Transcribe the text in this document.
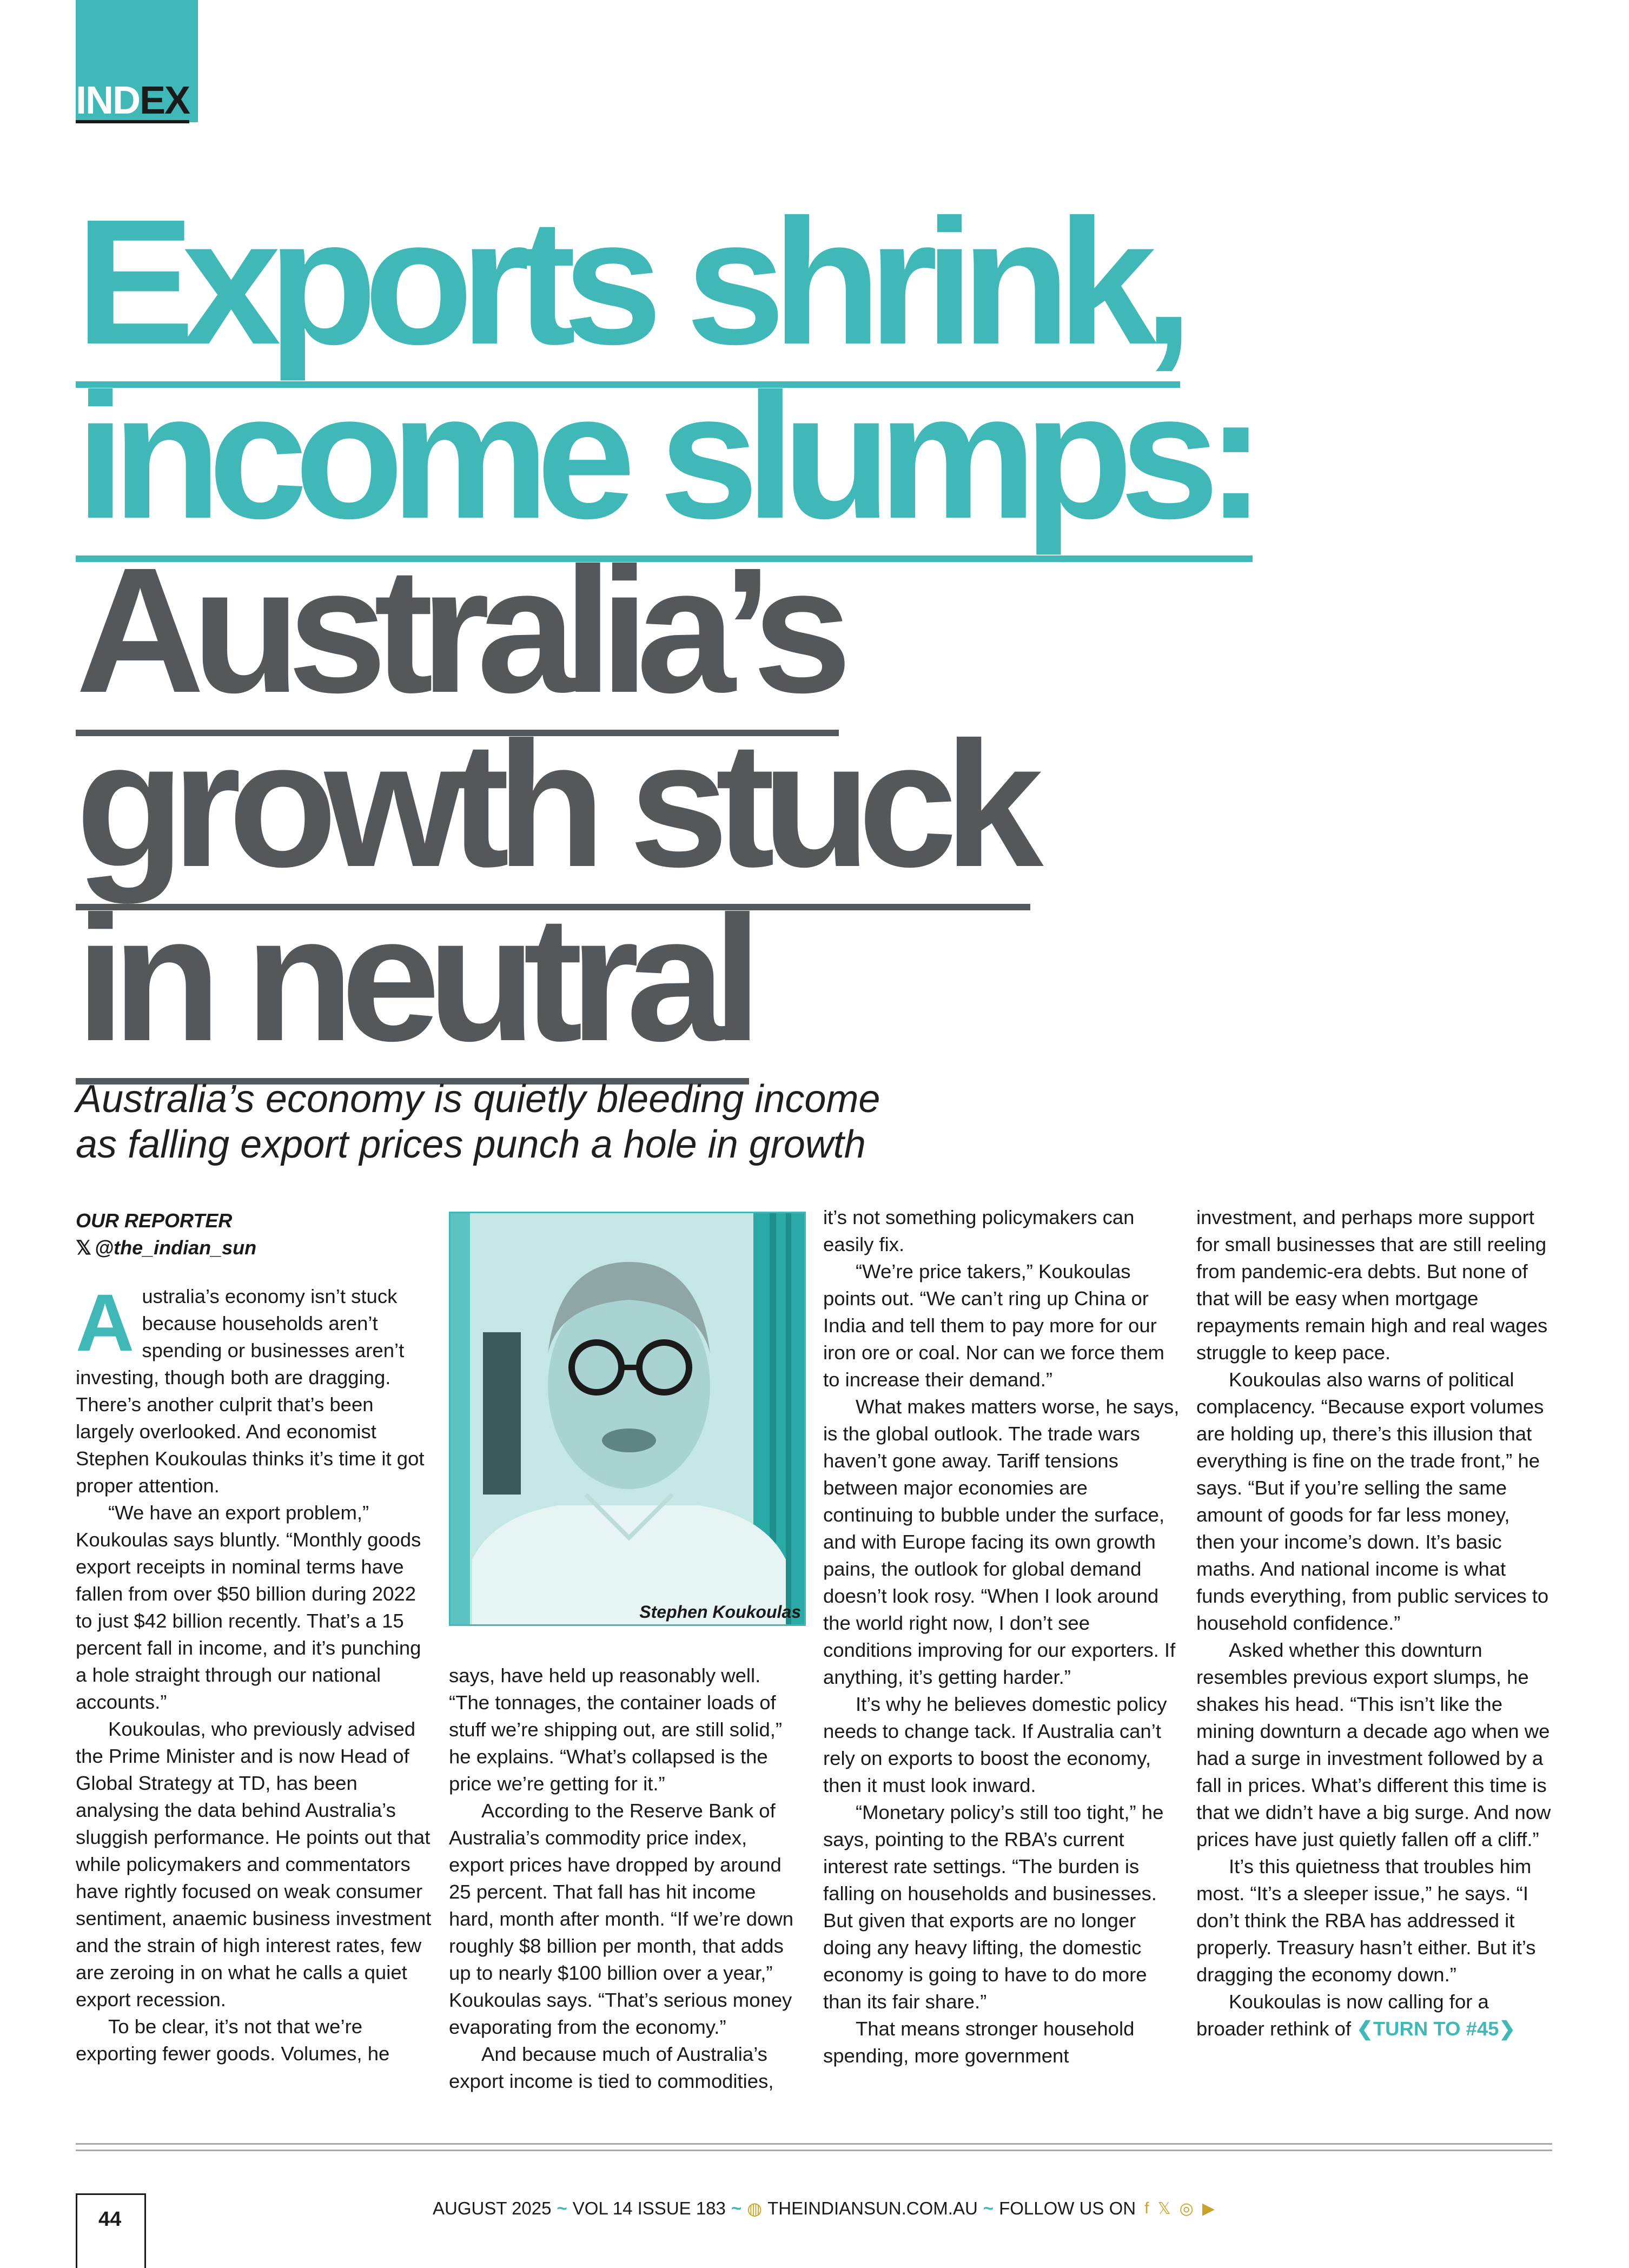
INDEX
Exports shrink,
income slumps:
Australia’s
growth stuck
in neutral
Australia’s economy is quietly bleeding income
as falling export prices punch a hole in growth
OUR REPORTER
𝕏 @the_indian_sun

Australia’s economy isn’t stuck because households aren’t spending or businesses aren’t investing, though both are dragging. There’s another culprit that’s been largely overlooked. And economist Stephen Koukoulas thinks it’s time it got proper attention.

“We have an export problem,” Koukoulas says bluntly. “Monthly goods export receipts in nominal terms have fallen from over $50 billion during 2022 to just $42 billion recently. That’s a 15 percent fall in income, and it’s punching a hole straight through our national accounts.”

Koukoulas, who previously advised the Prime Minister and is now Head of Global Strategy at TD, has been analysing the data behind Australia’s sluggish performance. He points out that while policymakers and commentators have rightly focused on weak consumer sentiment, anaemic business investment and the strain of high interest rates, few are zeroing in on what he calls a quiet export recession.

To be clear, it’s not that we’re exporting fewer goods. Volumes, he

Stephen Koukoulas

says, have held up reasonably well. “The tonnages, the container loads of stuff we’re shipping out, are still solid,” he explains. “What’s collapsed is the price we’re getting for it.”

According to the Reserve Bank of Australia’s commodity price index, export prices have dropped by around 25 percent. That fall has hit income hard, month after month. “If we’re down roughly $8 billion per month, that adds up to nearly $100 billion over a year,” Koukoulas says. “That’s serious money evaporating from the economy.”

And because much of Australia’s export income is tied to commodities,

it’s not something policymakers can easily fix.

“We’re price takers,” Koukoulas points out. “We can’t ring up China or India and tell them to pay more for our iron ore or coal. Nor can we force them to increase their demand.”

What makes matters worse, he says, is the global outlook. The trade wars haven’t gone away. Tariff tensions between major economies are continuing to bubble under the surface, and with Europe facing its own growth pains, the outlook for global demand doesn’t look rosy. “When I look around the world right now, I don’t see conditions improving for our exporters. If anything, it’s getting harder.”

It’s why he believes domestic policy needs to change tack. If Australia can’t rely on exports to boost the economy, then it must look inward.

“Monetary policy’s still too tight,” he says, pointing to the RBA’s current interest rate settings. “The burden is falling on households and businesses. But given that exports are no longer doing any heavy lifting, the domestic economy is going to have to do more than its fair share.”

That means stronger household spending, more government

investment, and perhaps more support for small businesses that are still reeling from pandemic-era debts. But none of that will be easy when mortgage repayments remain high and real wages struggle to keep pace.

Koukoulas also warns of political complacency. “Because export volumes are holding up, there’s this illusion that everything is fine on the trade front,” he says. “But if you’re selling the same amount of goods for far less money, then your income’s down. It’s basic maths. And national income is what funds everything, from public services to household confidence.”

Asked whether this downturn resembles previous export slumps, he shakes his head. “This isn’t like the mining downturn a decade ago when we had a surge in investment followed by a fall in prices. What’s different this time is that we didn’t have a big surge. And now prices have just quietly fallen off a cliff.”

It’s this quietness that troubles him most. “It’s a sleeper issue,” he says. “I don’t think the RBA has addressed it properly. Treasury hasn’t either. But it’s dragging the economy down.”

Koukoulas is now calling for a broader rethink of ❮TURN TO #45❯

44	AUGUST 2025 ~ VOL 14 ISSUE 183 ~ ◍ THEINDIANSUN.COM.AU ~ FOLLOW US ON f 𝕏 ◎ ▶
